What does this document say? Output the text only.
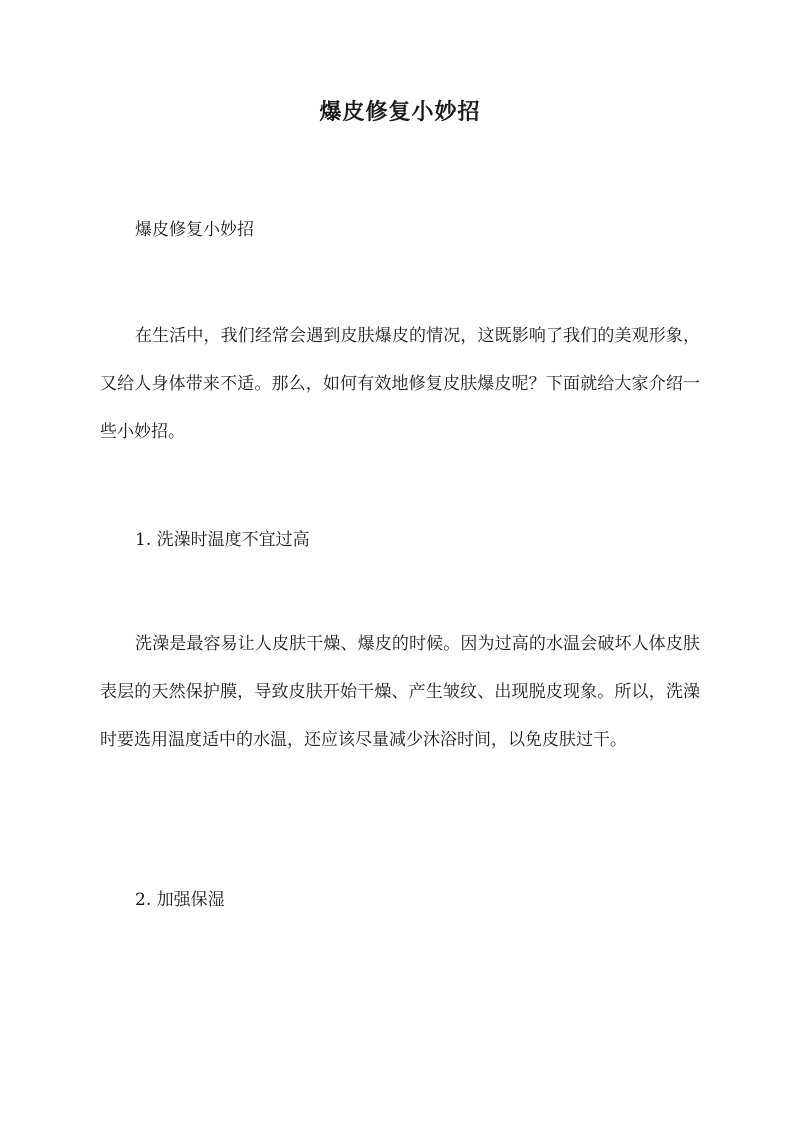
爆皮修复小妙招

爆皮修复小妙招

在生活中，我们经常会遇到皮肤爆皮的情况，这既影响了我们的美观形象，又给人身体带来不适。那么，如何有效地修复皮肤爆皮呢？下面就给大家介绍一些小妙招。

1. 洗澡时温度不宜过高

洗澡是最容易让人皮肤干燥、爆皮的时候。因为过高的水温会破坏人体皮肤表层的天然保护膜，导致皮肤开始干燥、产生皱纹、出现脱皮现象。所以，洗澡时要选用温度适中的水温，还应该尽量减少沐浴时间，以免皮肤过干。

2. 加强保湿
